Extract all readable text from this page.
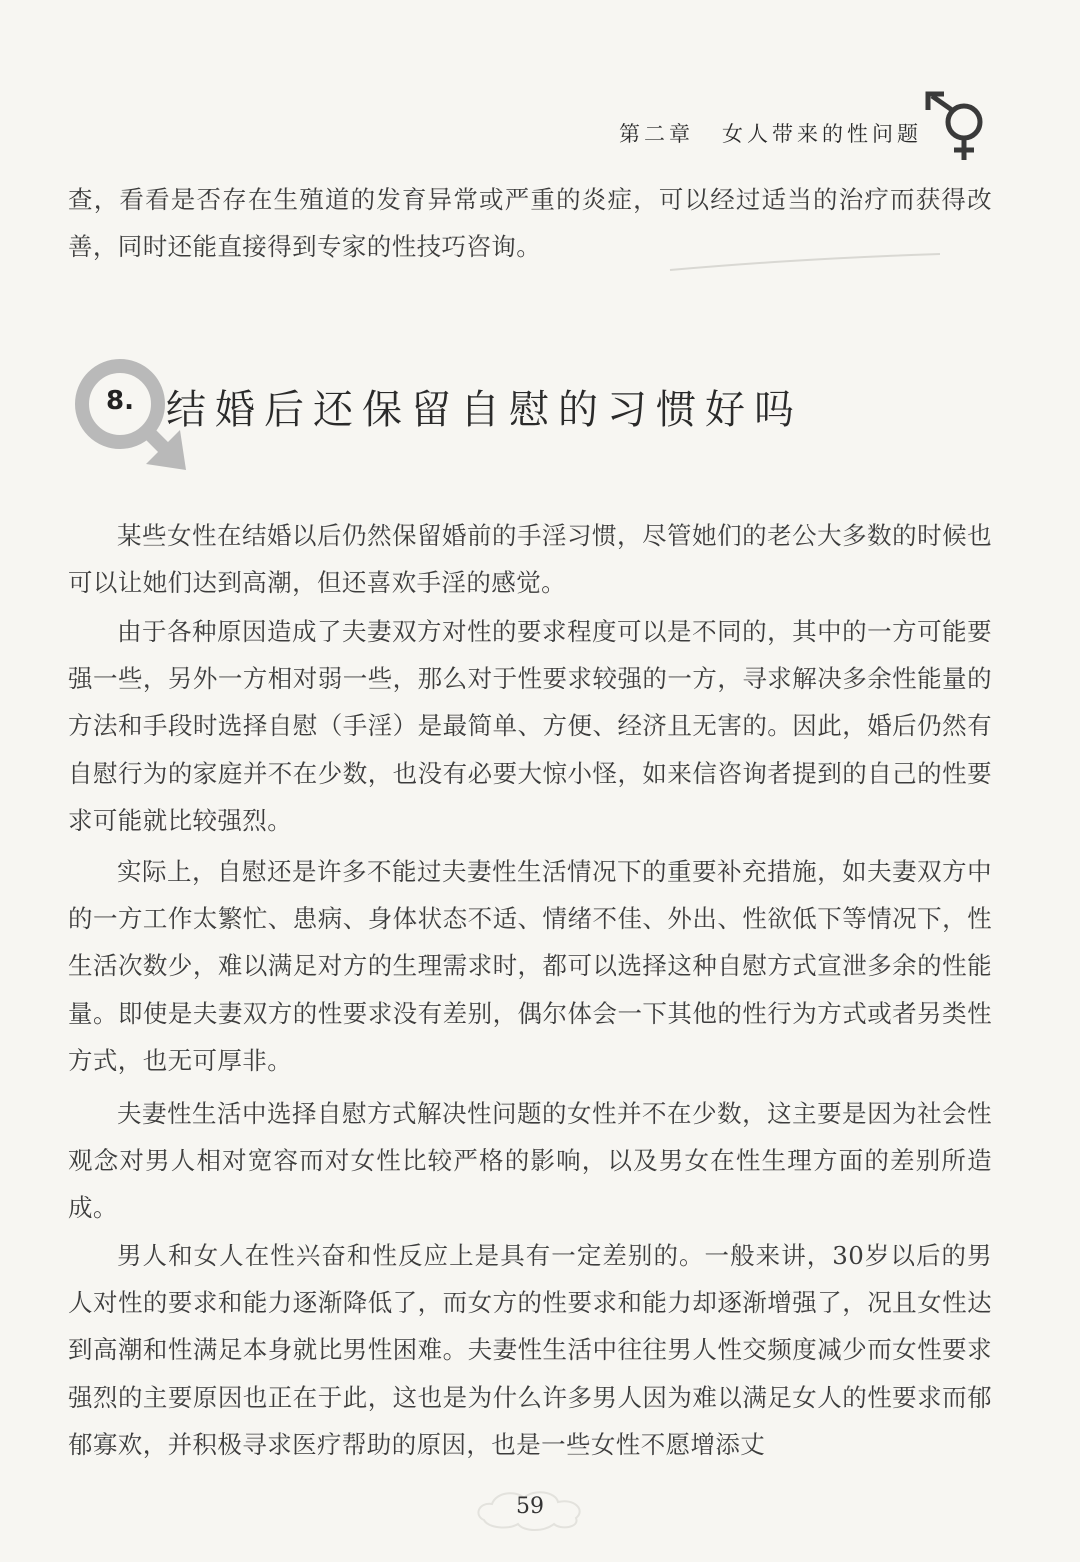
第二章 女人带来的性问题

查，看看是否存在生殖道的发育异常或严重的炎症，可以经过适当的治疗而获得改善，同时还能直接得到专家的性技巧咨询。

8. 结婚后还保留自慰的习惯好吗

某些女性在结婚以后仍然保留婚前的手淫习惯，尽管她们的老公大多数的时候也可以让她们达到高潮，但还喜欢手淫的感觉。

由于各种原因造成了夫妻双方对性的要求程度可以是不同的，其中的一方可能要强一些，另外一方相对弱一些，那么对于性要求较强的一方，寻求解决多余性能量的方法和手段时选择自慰（手淫）是最简单、方便、经济且无害的。因此，婚后仍然有自慰行为的家庭并不在少数，也没有必要大惊小怪，如来信咨询者提到的自己的性要求可能就比较强烈。

实际上，自慰还是许多不能过夫妻性生活情况下的重要补充措施，如夫妻双方中的一方工作太繁忙、患病、身体状态不适、情绪不佳、外出、性欲低下等情况下，性生活次数少，难以满足对方的生理需求时，都可以选择这种自慰方式宣泄多余的性能量。即使是夫妻双方的性要求没有差别，偶尔体会一下其他的性行为方式或者另类性方式，也无可厚非。

夫妻性生活中选择自慰方式解决性问题的女性并不在少数，这主要是因为社会性观念对男人相对宽容而对女性比较严格的影响，以及男女在性生理方面的差别所造成。

男人和女人在性兴奋和性反应上是具有一定差别的。一般来讲，30岁以后的男人对性的要求和能力逐渐降低了，而女方的性要求和能力却逐渐增强了，况且女性达到高潮和性满足本身就比男性困难。夫妻性生活中往往男人性交频度减少而女性要求强烈的主要原因也正在于此，这也是为什么许多男人因为难以满足女人的性要求而郁郁寡欢，并积极寻求医疗帮助的原因，也是一些女性不愿增添丈

59
